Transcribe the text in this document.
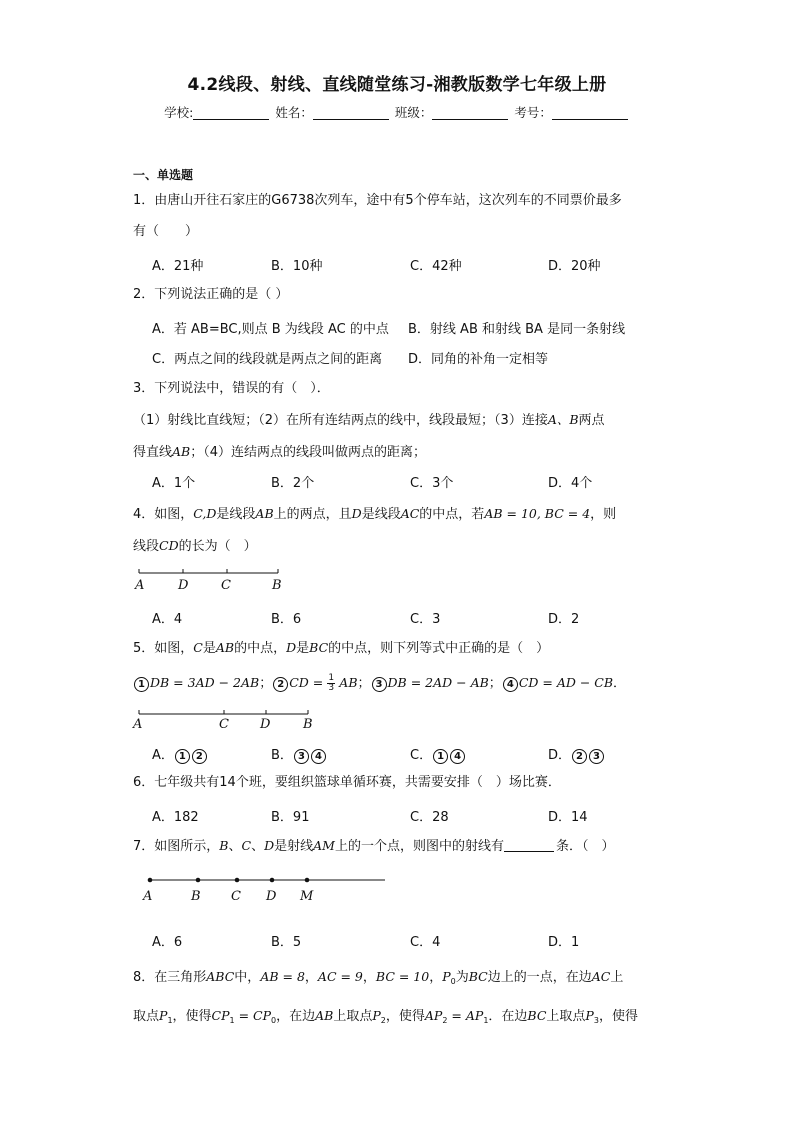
4.2线段、射线、直线随堂练习-湘教版数学七年级上册
学校:	姓名：	班级：	考号：
一、单选题
1．由唐山开往石家庄的G6738次列车，途中有5个停车站，这次列车的不同票价最多
有（　　）
A．21种	B．10种	C．42种	D．20种
2．下列说法正确的是（ ）
A．若 AB=BC,则点 B 为线段 AC 的中点 B．射线 AB 和射线 BA 是同一条射线
C．两点之间的线段就是两点之间的距离 D．同角的补角一定相等
3．下列说法中，错误的有（　）．
（1）射线比直线短；（2）在所有连结两点的线中，线段最短；（3）连接A、B两点
得直线AB；（4）连结两点的线段叫做两点的距离；
A．1个	B．2个	C．3个	D．4个
4．如图，C,D是线段AB上的两点，且D是线段AC的中点，若AB = 10, BC = 4，则
线段CD的长为（　）
A	D	C	B
A．4	B．6	C．3	D．2
5．如图，C是AB的中点，D是BC的中点，则下列等式中正确的是（　）
1 DB = 3AD − 2AB； 2 CD = $\frac{1}{3}$ AB； 3 DB = 2AD − AB； 4 CD = AD − CB．
A	C D	B
A． 1 2	B． 3 4	C． 1 4	D． 2 3
6．七年级共有14个班，要组织篮球单循环赛，共需要安排（　）场比赛．
A．182	B．91	C．28	D．14
7．如图所示，B、C、D是射线AM上的一个点，则图中的射线有	条．（　）
A	B C D M
A．6	B．5	C．4	D．1
8．在三角形ABC中，AB = 8，AC = 9，BC = 10，$P_0$为BC边上的一点，在边AC上
取点$P_1$，使得$CP_1 = CP_0$，在边AB上取点$P_2$，使得$AP_2 = AP_1$．在边BC上取点$P_3$，使得
